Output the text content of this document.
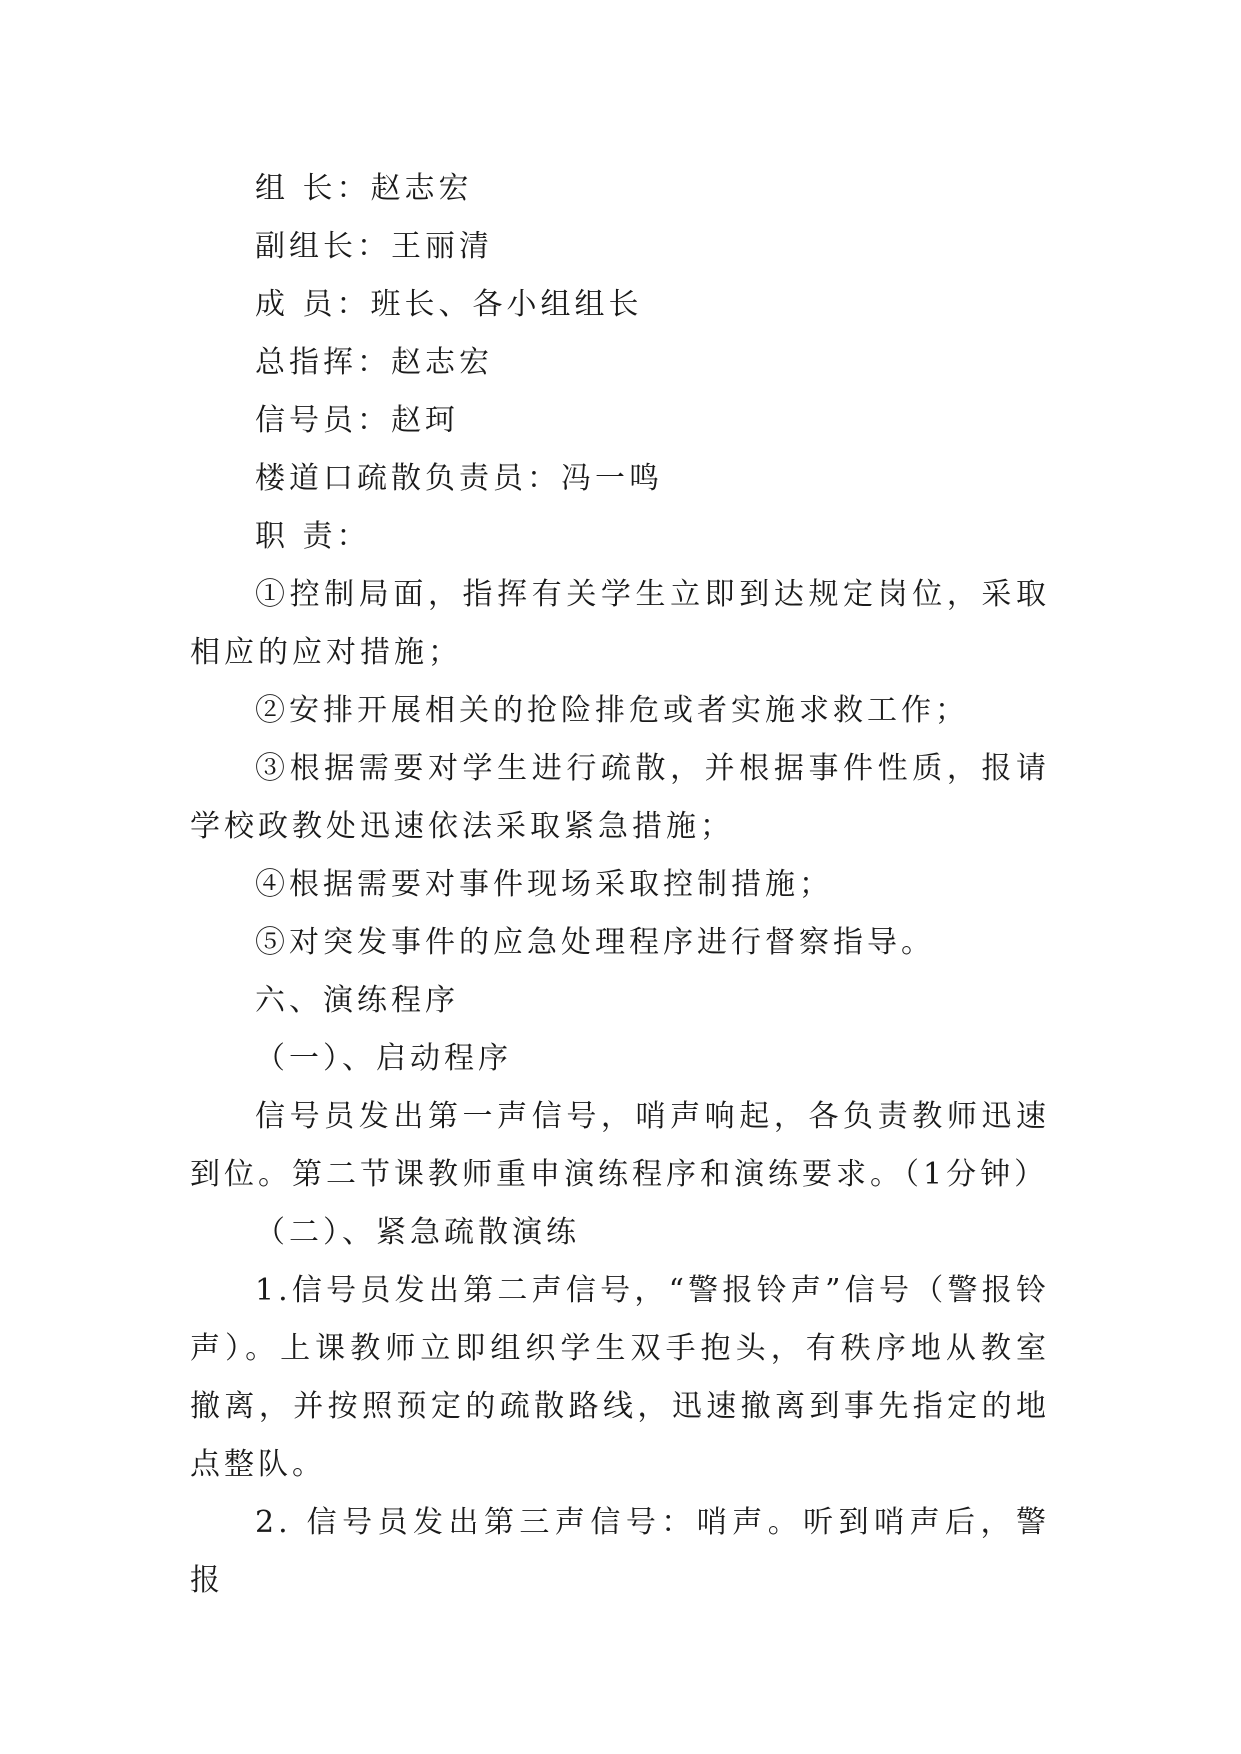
组 长：赵志宏

副组长：王丽清

成 员：班长、各小组组长

总指挥：赵志宏

信号员：赵珂

楼道口疏散负责员：冯一鸣

职 责：

①控制局面，指挥有关学生立即到达规定岗位，采取相应的应对措施；

②安排开展相关的抢险排危或者实施求救工作；

③根据需要对学生进行疏散，并根据事件性质，报请学校政教处迅速依法采取紧急措施；

④根据需要对事件现场采取控制措施；

⑤对突发事件的应急处理程序进行督察指导。

六、演练程序

（一）、启动程序

信号员发出第一声信号，哨声响起，各负责教师迅速到位。第二节课教师重申演练程序和演练要求。（1分钟）

（二）、紧急疏散演练

1.信号员发出第二声信号，“警报铃声”信号（警报铃声）。上课教师立即组织学生双手抱头，有秩序地从教室撤离，并按照预定的疏散路线，迅速撤离到事先指定的地点整队。

2. 信号员发出第三声信号：哨声。听到哨声后，警报
